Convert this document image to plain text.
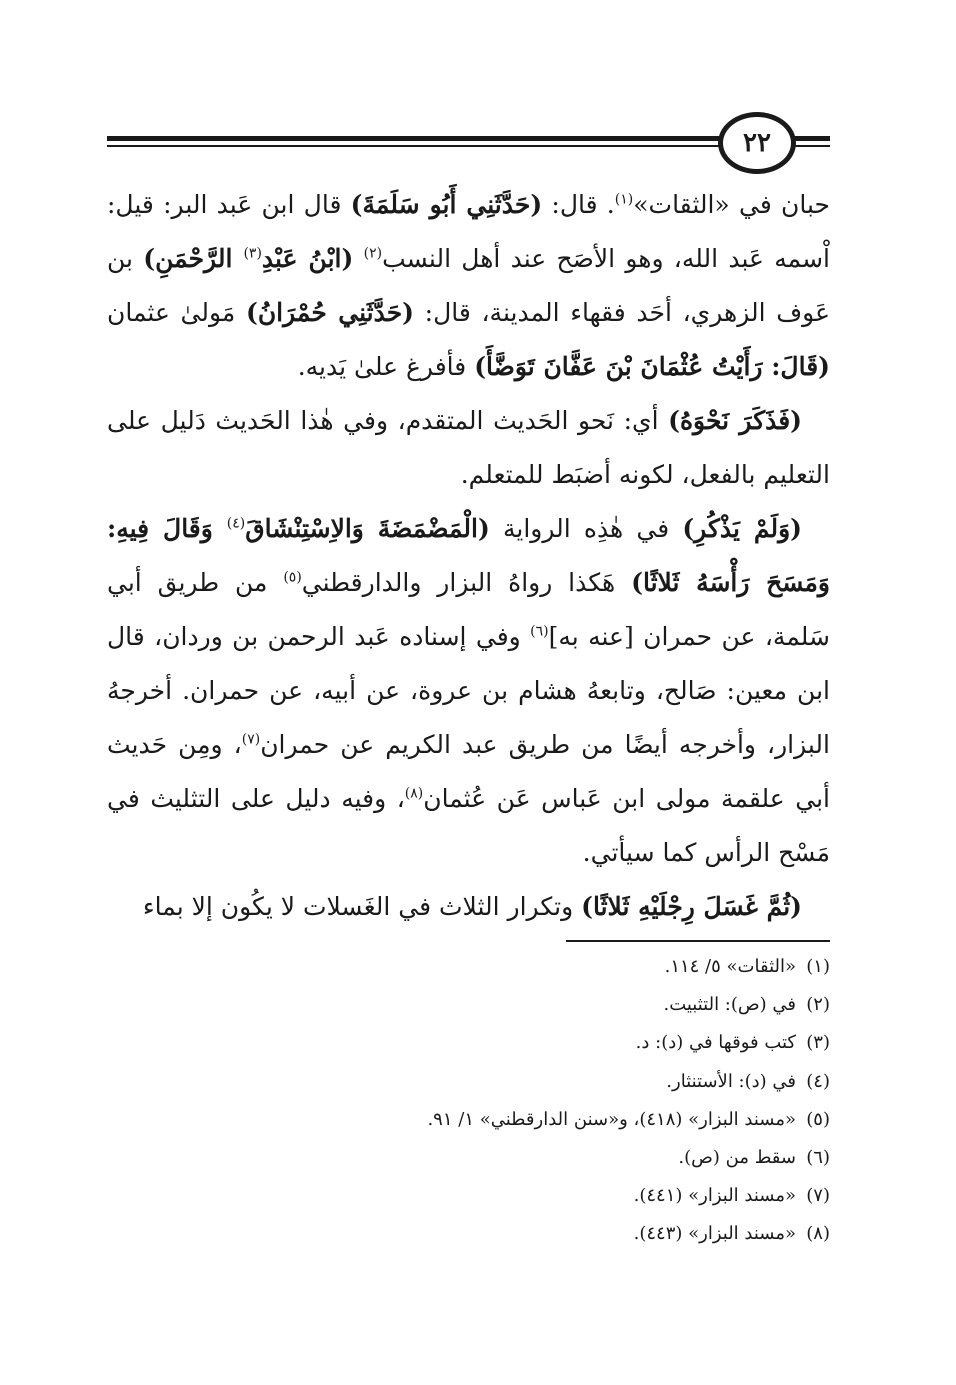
٢٢

حبان في «الثقات»$^{(١)}$. قال: (حَدَّثَنِي أَبُو سَلَمَةَ) قال ابن عَبد البر: قيل: اْسمه عَبد الله، وهو الأصَح عند أهل النسب$^{(٢)}$ (ابْنُ عَبْدِ$^{(٣)}$ الرَّحْمَنِ) بن عَوف الزهري، أحَد فقهاء المدينة، قال: (حَدَّثَنِي حُمْرَانُ) مَولىٰ عثمان (قَالَ: رَأَيْتُ عُثْمَانَ بْنَ عَفَّانَ تَوَضَّأَ) فأفرغ علىٰ يَديه.

(فَذَكَرَ نَحْوَهُ) أي: نَحو الحَديث المتقدم، وفي هٰذا الحَديث دَليل على التعليم بالفعل، لكونه أضبَط للمتعلم.

(وَلَمْ يَذْكُرِ) في هٰذِه الرواية (الْمَضْمَضَةَ وَالاِسْتِنْشَاقَ$^{(٤)}$ وَقَالَ فِيهِ: وَمَسَحَ رَأْسَهُ ثَلاثًا) هَكذا رواهُ البزار والدارقطني$^{(٥)}$ من طريق أبي سَلمة، عن حمران [عنه به]$^{(٦)}$ وفي إسناده عَبد الرحمن بن وردان، قال ابن معين: صَالح، وتابعهُ هشام بن عروة، عن أبيه، عن حمران. أخرجهُ البزار، وأخرجه أيضًا من طريق عبد الكريم عن حمران$^{(٧)}$، ومِن حَديث أبي علقمة مولى ابن عَباس عَن عُثمان$^{(٨)}$، وفيه دليل على التثليث في مَسْح الرأس كما سيأتي.

(ثُمَّ غَسَلَ رِجْلَيْهِ ثَلاثًا) وتكرار الثلاث في الغَسلات لا يكُون إلا بماء

(١)«الثقات» ٥/ ١١٤.
(٢)في (ص): التثبيت.
(٣)كتب فوقها في (د): د.
(٤)في (د): الأستنثار.
(٥)«مسند البزار» (٤١٨)، و«سنن الدارقطني» ١/ ٩١.
(٦)سقط من (ص).
(٧)«مسند البزار» (٤٤١).
(٨)«مسند البزار» (٤٤٣).
